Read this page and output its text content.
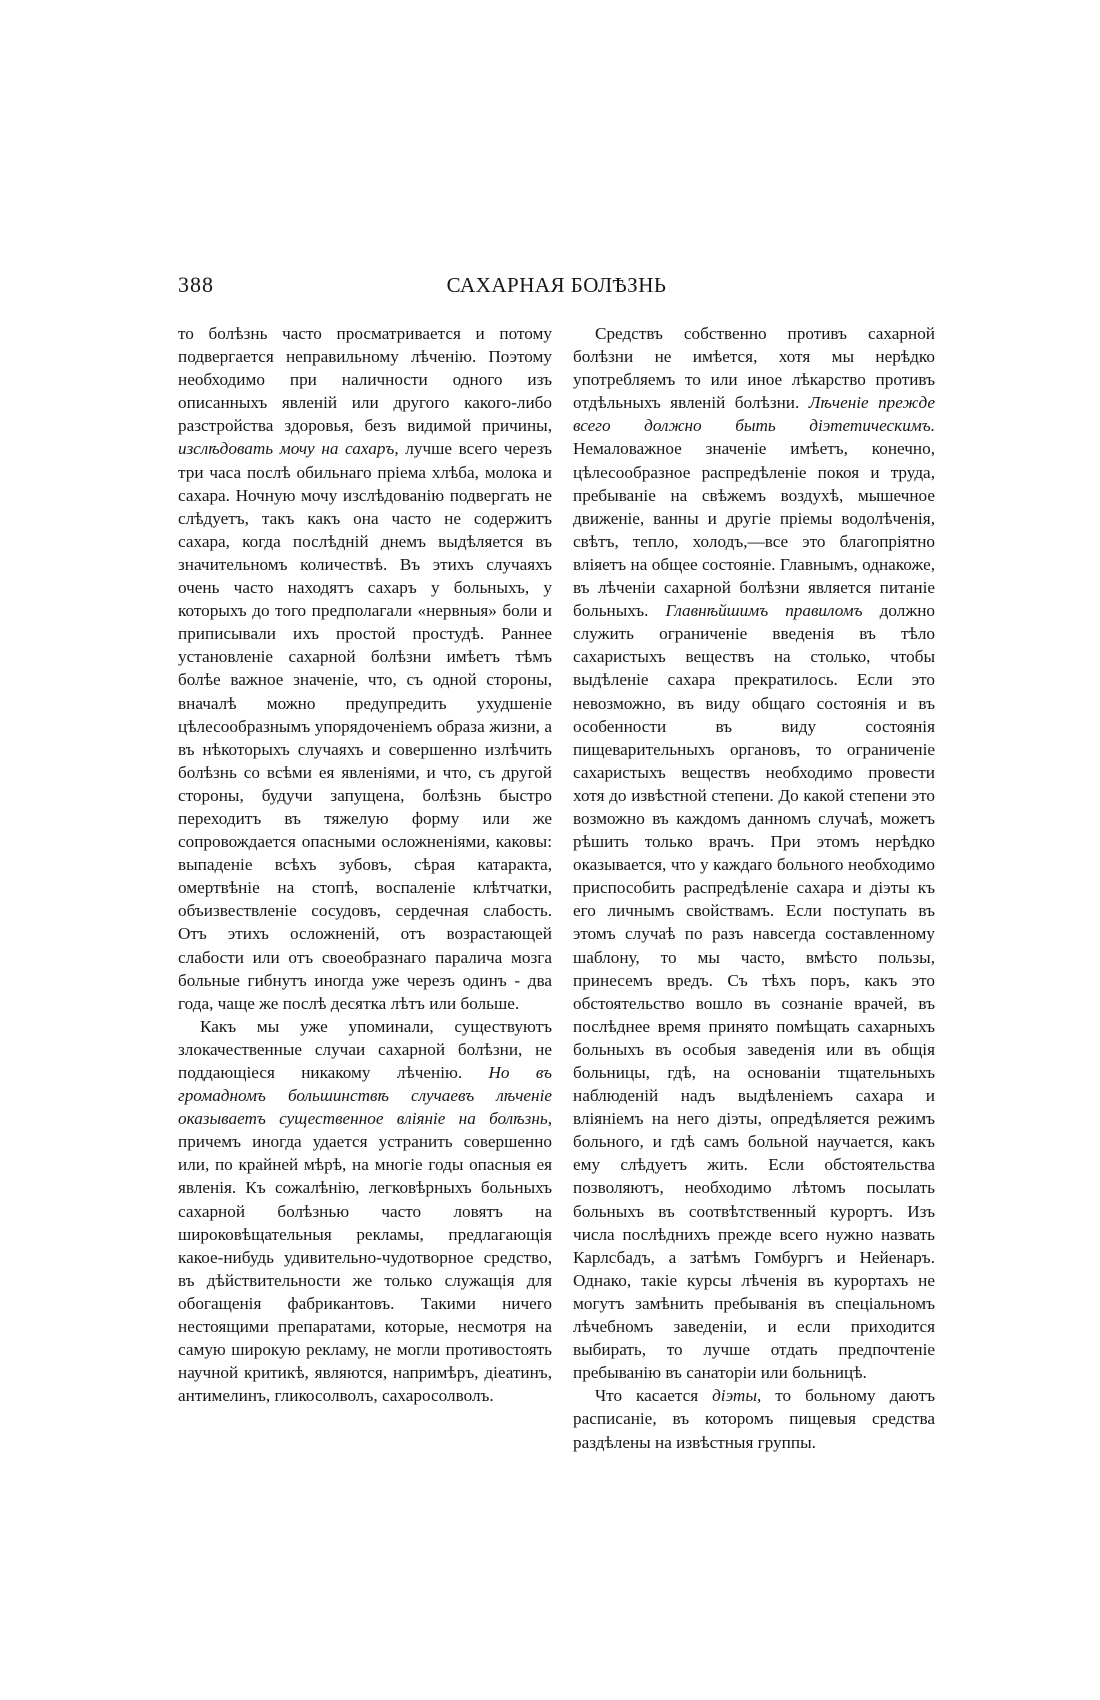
388	САХАРНАЯ БОЛѢЗНЬ

то болѣзнь часто просматривается и потому подвергается неправильному лѣченію. Поэтому необходимо при наличности одного изъ описанныхъ явленій или другого какого-либо разстройства здоровья, безъ видимой причины, изслѣдовать мочу на сахаръ, лучше всего черезъ три часа послѣ обильнаго пріема хлѣба, молока и сахара. Ночную мочу изслѣдованію подвергать не слѣдуетъ, такъ какъ она часто не содержитъ сахара, когда послѣдній днемъ выдѣляется въ значительномъ количествѣ. Въ этихъ случаяхъ очень часто находятъ сахаръ у больныхъ, у которыхъ до того предполагали «нервныя» боли и приписывали ихъ простой простудѣ. Раннее установленіе сахарной болѣзни имѣетъ тѣмъ болѣе важное значеніе, что, съ одной стороны, вначалѣ можно предупредить ухудшеніе цѣлесообразнымъ упорядоченіемъ образа жизни, а въ нѣкоторыхъ случаяхъ и совершенно излѣчить болѣзнь со всѣми ея явленіями, и что, съ другой стороны, будучи запущена, болѣзнь быстро переходитъ въ тяжелую форму или же сопровождается опасными осложненіями, каковы: выпаденіе всѣхъ зубовъ, сѣрая катаракта, омертвѣніе на стопѣ, воспаленіе клѣтчатки, объизвествленіе сосудовъ, сердечная слабость. Отъ этихъ осложненій, отъ возрастающей слабости или отъ своеобразнаго паралича мозга больные гибнутъ иногда уже черезъ одинъ - два года, чаще же послѣ десятка лѣтъ или больше.

Какъ мы уже упоминали, существуютъ злокачественные случаи сахарной болѣзни, не поддающіеся никакому лѣченію. Но въ громадномъ большинствѣ случаевъ лѣченіе оказываетъ существенное вліяніе на болѣзнь, причемъ иногда удается устранить совершенно или, по крайней мѣрѣ, на многіе годы опасныя ея явленія. Къ сожалѣнію, легковѣрныхъ больныхъ сахарной болѣзнью часто ловятъ на широковѣщательныя рекламы, предлагающія какое-нибудь удивительно-чудотворное средство, въ дѣйствительности же только служащія для обогащенія фабрикантовъ. Такими ничего нестоящими препаратами, которые, несмотря на самую широкую рекламу, не могли противостоять научной критикѣ, являются, напримѣръ, діеатинъ, антимелинъ, гликосолволъ, сахаросолволъ.

Средствъ собственно противъ сахарной болѣзни не имѣется, хотя мы нерѣдко употребляемъ то или иное лѣкарство противъ отдѣльныхъ явленій болѣзни. Лѣченіе прежде всего должно быть діэтетическимъ. Немаловажное значеніе имѣетъ, конечно, цѣлесообразное распредѣленіе покоя и труда, пребываніе на свѣжемъ воздухѣ, мышечное движеніе, ванны и другіе пріемы водолѣченія, свѣтъ, тепло, холодъ,—все это благопріятно вліяетъ на общее состояніе. Главнымъ, однакоже, въ лѣченіи сахарной болѣзни является питаніе больныхъ. Главнѣйшимъ правиломъ должно служить ограниченіе введенія въ тѣло сахаристыхъ веществъ на столько, чтобы выдѣленіе сахара прекратилось. Если это невозможно, въ виду общаго состоянія и въ особенности въ виду состоянія пищеварительныхъ органовъ, то ограниченіе сахаристыхъ веществъ необходимо провести хотя до извѣстной степени. До какой степени это возможно въ каждомъ данномъ случаѣ, можетъ рѣшить только врачъ. При этомъ нерѣдко оказывается, что у каждаго больного необходимо приспособить распредѣленіе сахара и діэты къ его личнымъ свойствамъ. Если поступать въ этомъ случаѣ по разъ навсегда составленному шаблону, то мы часто, вмѣсто пользы, принесемъ вредъ. Съ тѣхъ поръ, какъ это обстоятельство вошло въ сознаніе врачей, въ послѣднее время принято помѣщать сахарныхъ больныхъ въ особыя заведенія или въ общія больницы, гдѣ, на основаніи тщательныхъ наблюденій надъ выдѣленіемъ сахара и вліяніемъ на него діэты, опредѣляется режимъ больного, и гдѣ самъ больной научается, какъ ему слѣдуетъ жить. Если обстоятельства позволяютъ, необходимо лѣтомъ посылать больныхъ въ соотвѣтственный курортъ. Изъ числа послѣднихъ прежде всего нужно назвать Карлсбадъ, а затѣмъ Гомбургъ и Нейенаръ. Однако, такіе курсы лѣченія въ курортахъ не могутъ замѣнить пребыванія въ спеціальномъ лѣчебномъ заведеніи, и если приходится выбирать, то лучше отдать предпочтеніе пребыванію въ санаторіи или больницѣ.

Что касается діэты, то больному даютъ расписаніе, въ которомъ пищевыя средства раздѣлены на извѣстныя группы.
